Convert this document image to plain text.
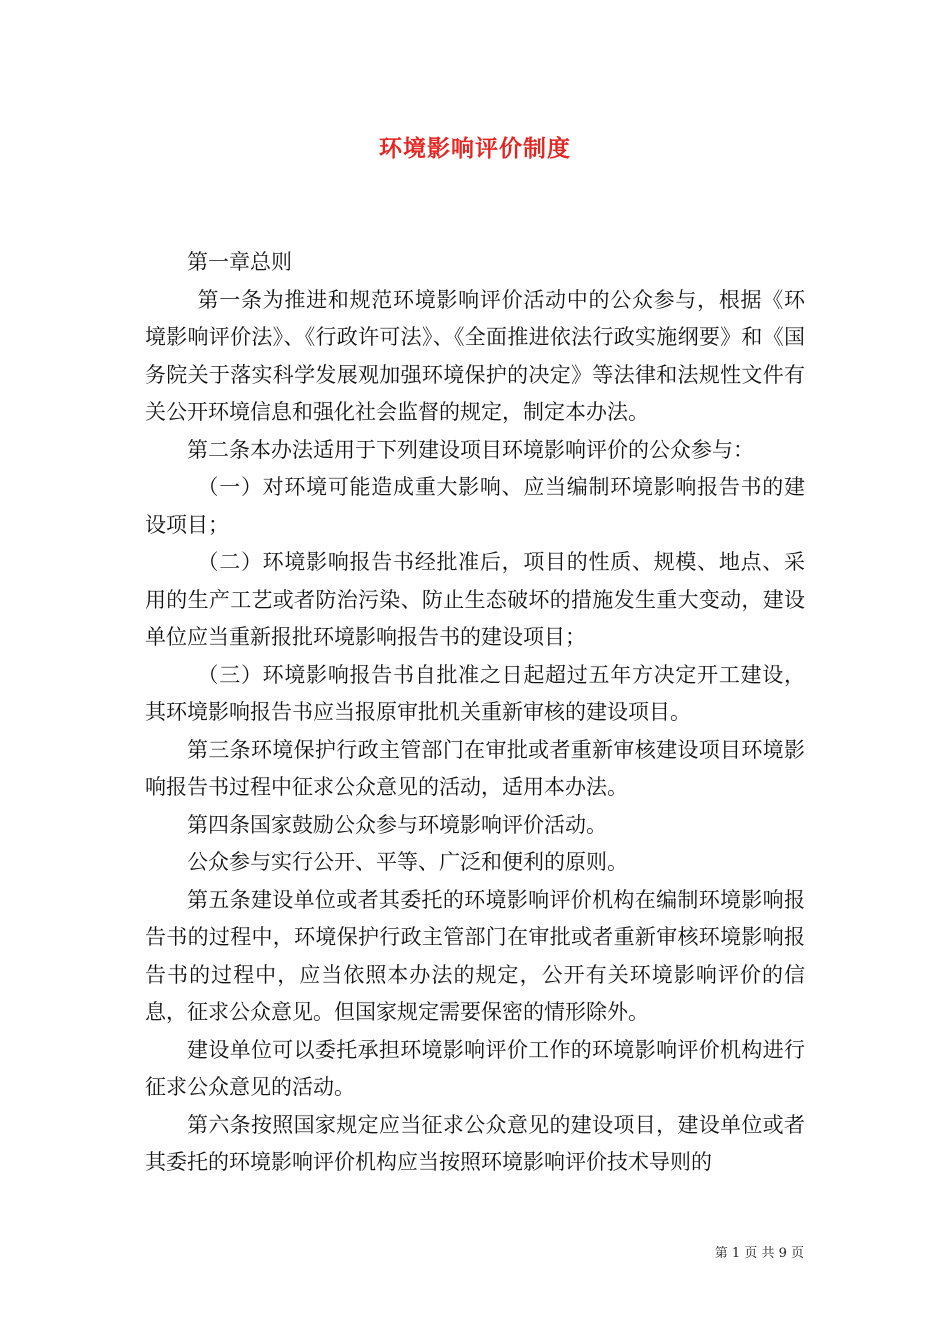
环境影响评价制度

第一章总则

第一条为推进和规范环境影响评价活动中的公众参与，根据《环境影响评价法》、《行政许可法》、《全面推进依法行政实施纲要》和《国务院关于落实科学发展观加强环境保护的决定》等法律和法规性文件有关公开环境信息和强化社会监督的规定，制定本办法。

第二条本办法适用于下列建设项目环境影响评价的公众参与：

（一）对环境可能造成重大影响、应当编制环境影响报告书的建设项目；

（二）环境影响报告书经批准后，项目的性质、规模、地点、采用的生产工艺或者防治污染、防止生态破坏的措施发生重大变动，建设单位应当重新报批环境影响报告书的建设项目；

（三）环境影响报告书自批准之日起超过五年方决定开工建设，其环境影响报告书应当报原审批机关重新审核的建设项目。

第三条环境保护行政主管部门在审批或者重新审核建设项目环境影响报告书过程中征求公众意见的活动，适用本办法。

第四条国家鼓励公众参与环境影响评价活动。

公众参与实行公开、平等、广泛和便利的原则。

第五条建设单位或者其委托的环境影响评价机构在编制环境影响报告书的过程中，环境保护行政主管部门在审批或者重新审核环境影响报告书的过程中，应当依照本办法的规定，公开有关环境影响评价的信息，征求公众意见。但国家规定需要保密的情形除外。

建设单位可以委托承担环境影响评价工作的环境影响评价机构进行征求公众意见的活动。

第六条按照国家规定应当征求公众意见的建设项目，建设单位或者其委托的环境影响评价机构应当按照环境影响评价技术导则的

第 1 页 共 9 页
